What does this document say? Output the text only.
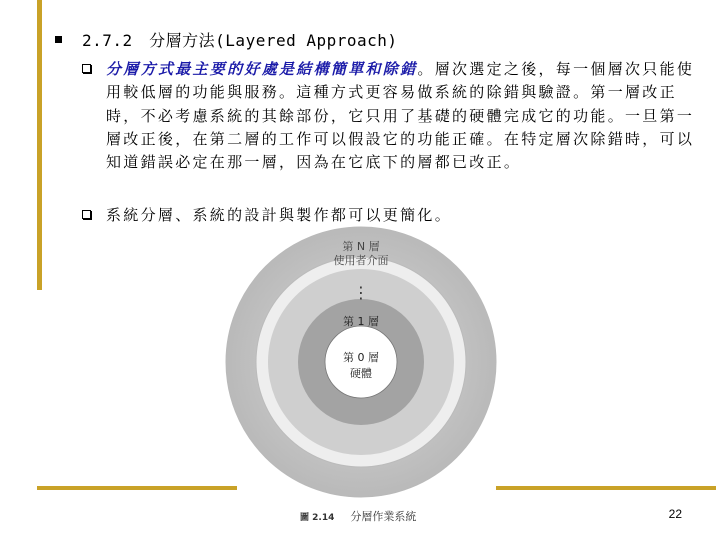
2.7.2　分層方法(Layered Approach)
分層方式最主要的好處是結構簡單和除錯。層次選定之後，每一個層次只能使用較低層的功能與服務。這種方式更容易做系統的除錯與驗證。第一層改正時，不必考慮系統的其餘部份，它只用了基礎的硬體完成它的功能。一旦第一層改正後，在第二層的工作可以假設它的功能正確。在特定層次除錯時，可以知道錯誤必定在那一層，因為在它底下的層都已改正。
系統分層、系統的設計與製作都可以更簡化。
第 N 層
使用者介面
⋮
第 1 層
第 0 層
硬體
圖 2.14 分層作業系統	22
